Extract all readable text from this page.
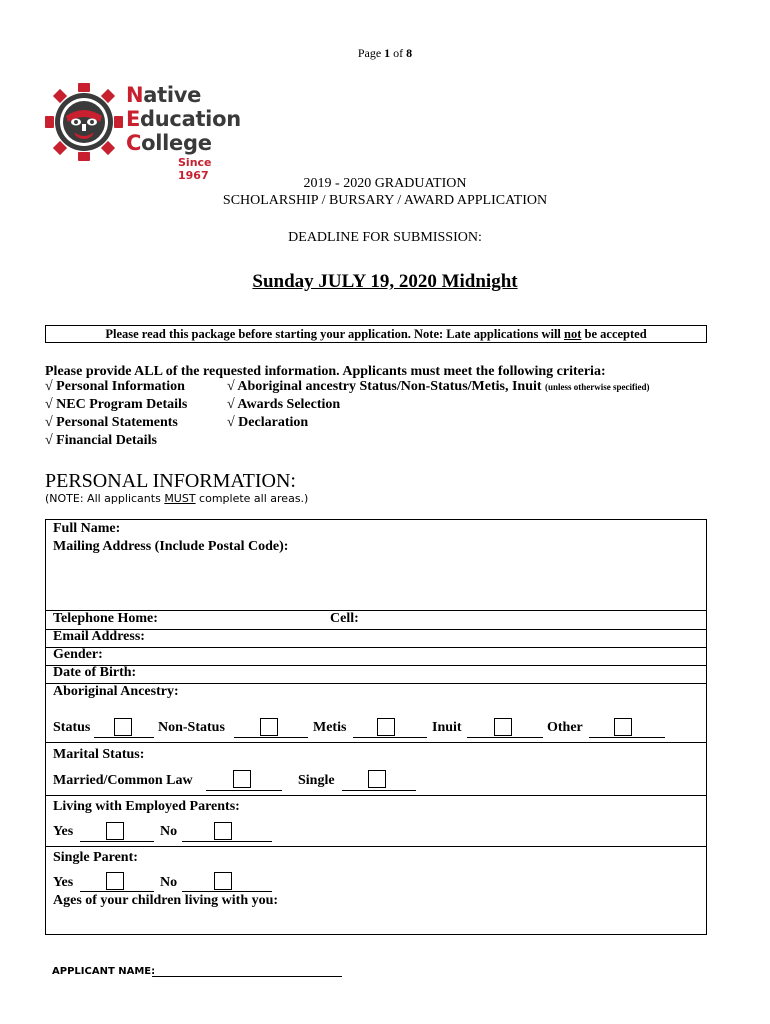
Page 1 of 8
Native
Education
College
Since 1967
2019 - 2020 GRADUATION
SCHOLARSHIP / BURSARY / AWARD APPLICATION
DEADLINE FOR SUBMISSION:
Sunday JULY 19, 2020 Midnight
Please read this package before starting your application. Note: Late applications will not be accepted
Please provide ALL of the requested information. Applicants must meet the following criteria:
√ Personal Information
√ NEC Program Details
√ Personal Statements
√ Financial Details
√ Aboriginal ancestry Status/Non-Status/Metis, Inuit (unless otherwise specified)
√ Awards Selection
√ Declaration
PERSONAL INFORMATION:
(NOTE: All applicants MUST complete all areas.)
Full Name:
Mailing Address (Include Postal Code):
Telephone Home:	Cell:
Email Address:
Gender:
Date of Birth:
Aboriginal Ancestry:
Status	Non-Status	Metis	Inuit	Other
Marital Status:
Married/Common Law	Single
Living with Employed Parents:
Yes	No
Single Parent:
Yes	No
Ages of your children living with you:
APPLICANT NAME:
